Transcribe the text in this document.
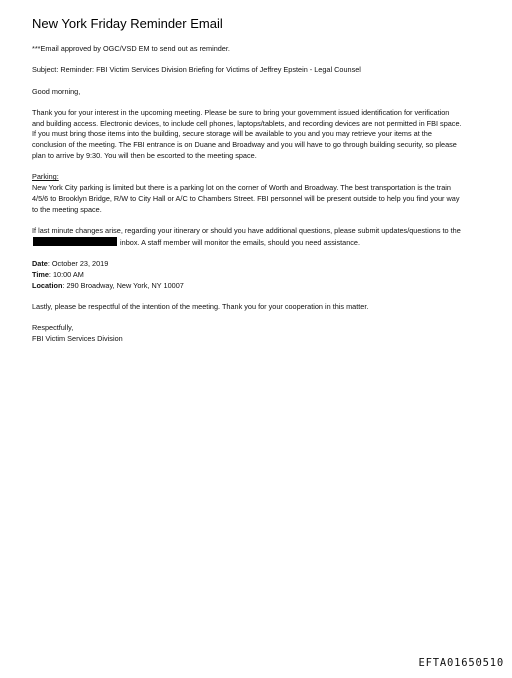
New York Friday Reminder Email
***Email approved by OGC/VSD EM to send out as reminder.
Subject: Reminder: FBI Victim Services Division Briefing for Victims of Jeffrey Epstein - Legal Counsel
Good morning,
Thank you for your interest in the upcoming meeting. Please be sure to bring your government issued identification for verification and building access. Electronic devices, to include cell phones, laptops/tablets, and recording devices are not permitted in FBI space. If you must bring those items into the building, secure storage will be available to you and you may retrieve your items at the conclusion of the meeting. The FBI entrance is on Duane and Broadway and you will have to go through building security, so please plan to arrive by 9:30. You will then be escorted to the meeting space.
Parking:
New York City parking is limited but there is a parking lot on the corner of Worth and Broadway. The best transportation is the train 4/5/6 to Brooklyn Bridge, R/W to City Hall or A/C to Chambers Street. FBI personnel will be present outside to help you find your way to the meeting space.
If last minute changes arise, regarding your itinerary or should you have additional questions, please submit updates/questions to the  inbox. A staff member will monitor the emails, should you need assistance.
Date: October 23, 2019
Time: 10:00 AM
Location: 290 Broadway, New York, NY 10007
Lastly, please be respectful of the intention of the meeting. Thank you for your cooperation in this matter.
Respectfully,
FBI Victim Services Division
EFTA01650510
